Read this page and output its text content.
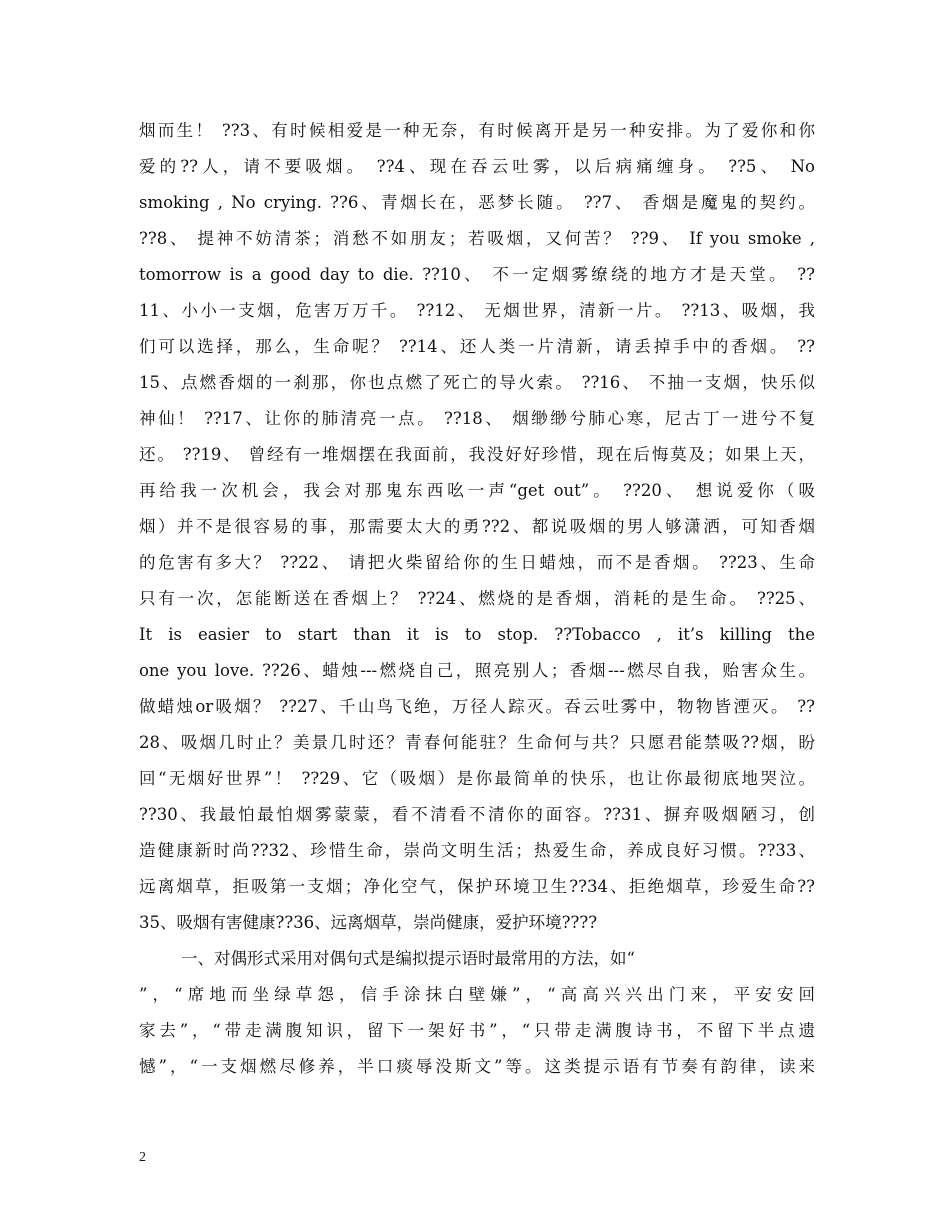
烟而生！ ??3、有时候相爱是一种无奈，有时候离开是另一种安排。为了爱你和你
爱的??人，请不要吸烟。 ??4、现在吞云吐雾，以后病痛缠身。 ??5、 No
smoking , No crying. ??6、青烟长在，恶梦长随。 ??7、 香烟是魔鬼的契约。
??8、 提神不妨清茶；消愁不如朋友；若吸烟，又何苦？ ??9、 If you smoke ,
tomorrow is a good day to die. ??10、 不一定烟雾缭绕的地方才是天堂。 ??
11、小小一支烟，危害万万千。 ??12、 无烟世界，清新一片。 ??13、吸烟，我
们可以选择，那么，生命呢？ ??14、还人类一片清新，请丢掉手中的香烟。 ??
15、点燃香烟的一刹那，你也点燃了死亡的导火索。 ??16、 不抽一支烟，快乐似
神仙！ ??17、让你的肺清亮一点。 ??18、 烟缈缈兮肺心寒，尼古丁一进兮不复
还。 ??19、 曾经有一堆烟摆在我面前，我没好好珍惜，现在后悔莫及；如果上天，
再给我一次机会，我会对那鬼东西吆一声“get out”。 ??20、 想说爱你（吸
烟）并不是很容易的事，那需要太大的勇??2、都说吸烟的男人够潇洒，可知香烟
的危害有多大？ ??22、 请把火柴留给你的生日蜡烛，而不是香烟。 ??23、生命
只有一次，怎能断送在香烟上？ ??24、燃烧的是香烟，消耗的是生命。 ??25、
It is easier to start than it is to stop. ??Tobacco , it’s killing the
one you love. ??26、蜡烛---燃烧自己，照亮别人；香烟---燃尽自我，贻害众生。
做蜡烛or吸烟？ ??27、千山鸟飞绝，万径人踪灭。吞云吐雾中，物物皆湮灭。 ??
28、吸烟几时止？美景几时还？青春何能驻？生命何与共？只愿君能禁吸??烟，盼
回“无烟好世界”！ ??29、它（吸烟）是你最简单的快乐，也让你最彻底地哭泣。
??30、我最怕最怕烟雾蒙蒙，看不清看不清你的面容。??31、摒弃吸烟陋习，创
造健康新时尚??32、珍惜生命，崇尚文明生活；热爱生命，养成良好习惯。??33、
远离烟草，拒吸第一支烟；净化空气，保护环境卫生??34、拒绝烟草，珍爱生命??
35、吸烟有害健康??36、远离烟草，崇尚健康，爱护环境????
一、对偶形式采用对偶句式是编拟提示语时最常用的方法，如“
”，“席地而坐绿草怨，信手涂抹白壁嫌”，“高高兴兴出门来，平安安回
家去”，“带走满腹知识，留下一架好书”，“只带走满腹诗书，不留下半点遗
憾”，“一支烟燃尽修养，半口痰辱没斯文”等。这类提示语有节奏有韵律，读来
2
